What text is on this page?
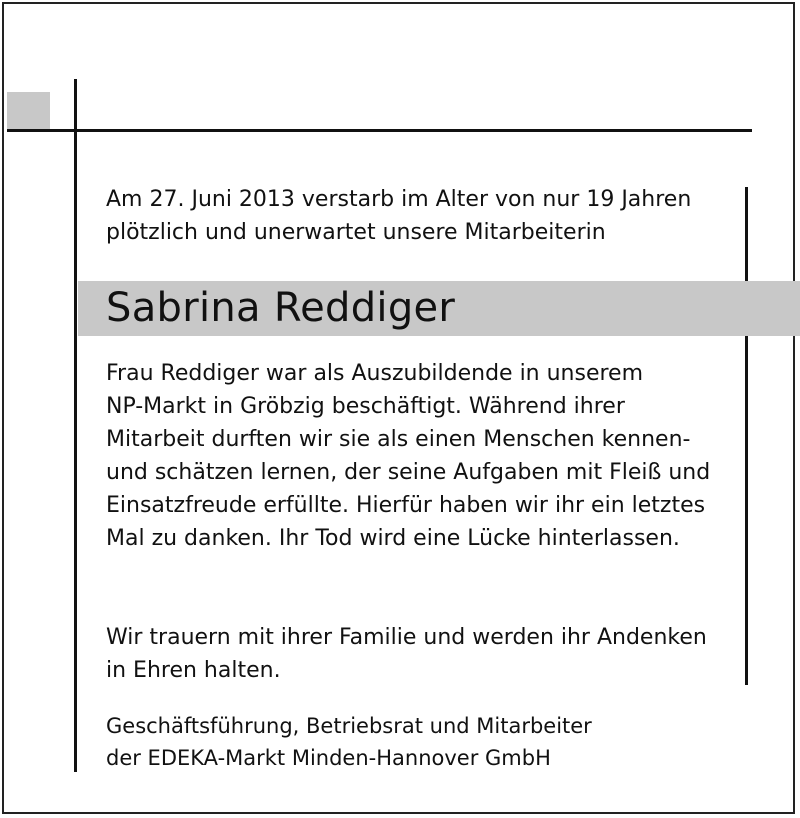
Am 27. Juni 2013 verstarb im Alter von nur 19 Jahren
plötzlich und unerwartet unsere Mitarbeiterin

Sabrina Reddiger

Frau Reddiger war als Auszubildende in unserem
NP-Markt in Gröbzig beschäftigt. Während ihrer
Mitarbeit durften wir sie als einen Menschen kennen-
und schätzen lernen, der seine Aufgaben mit Fleiß und
Einsatzfreude erfüllte. Hierfür haben wir ihr ein letztes
Mal zu danken. Ihr Tod wird eine Lücke hinterlassen.

Wir trauern mit ihrer Familie und werden ihr Andenken
in Ehren halten.

Geschäftsführung, Betriebsrat und Mitarbeiter
der EDEKA-Markt Minden-Hannover GmbH
